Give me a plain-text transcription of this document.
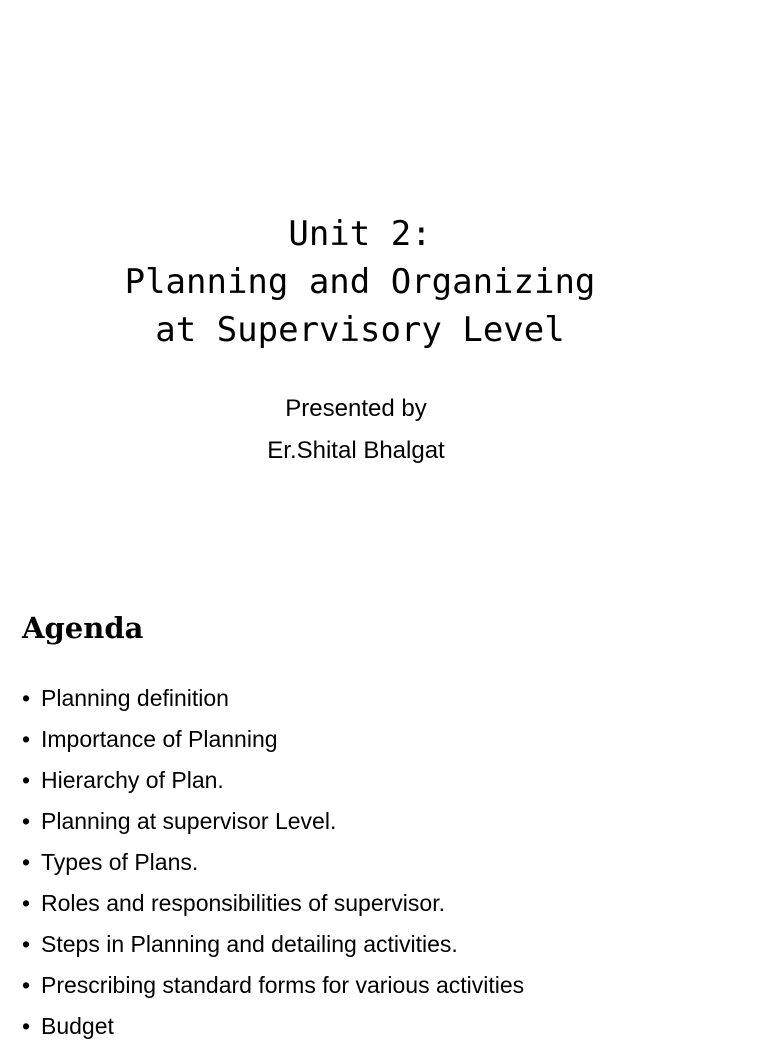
Unit 2:
Planning and Organizing
at Supervisory Level
Presented by
Er.Shital Bhalgat
Agenda
• Planning definition
• Importance of Planning
• Hierarchy of Plan.
• Planning at supervisor Level.
• Types of Plans.
• Roles and responsibilities of supervisor.
• Steps in Planning and detailing activities.
• Prescribing standard forms for various activities
• Budget
